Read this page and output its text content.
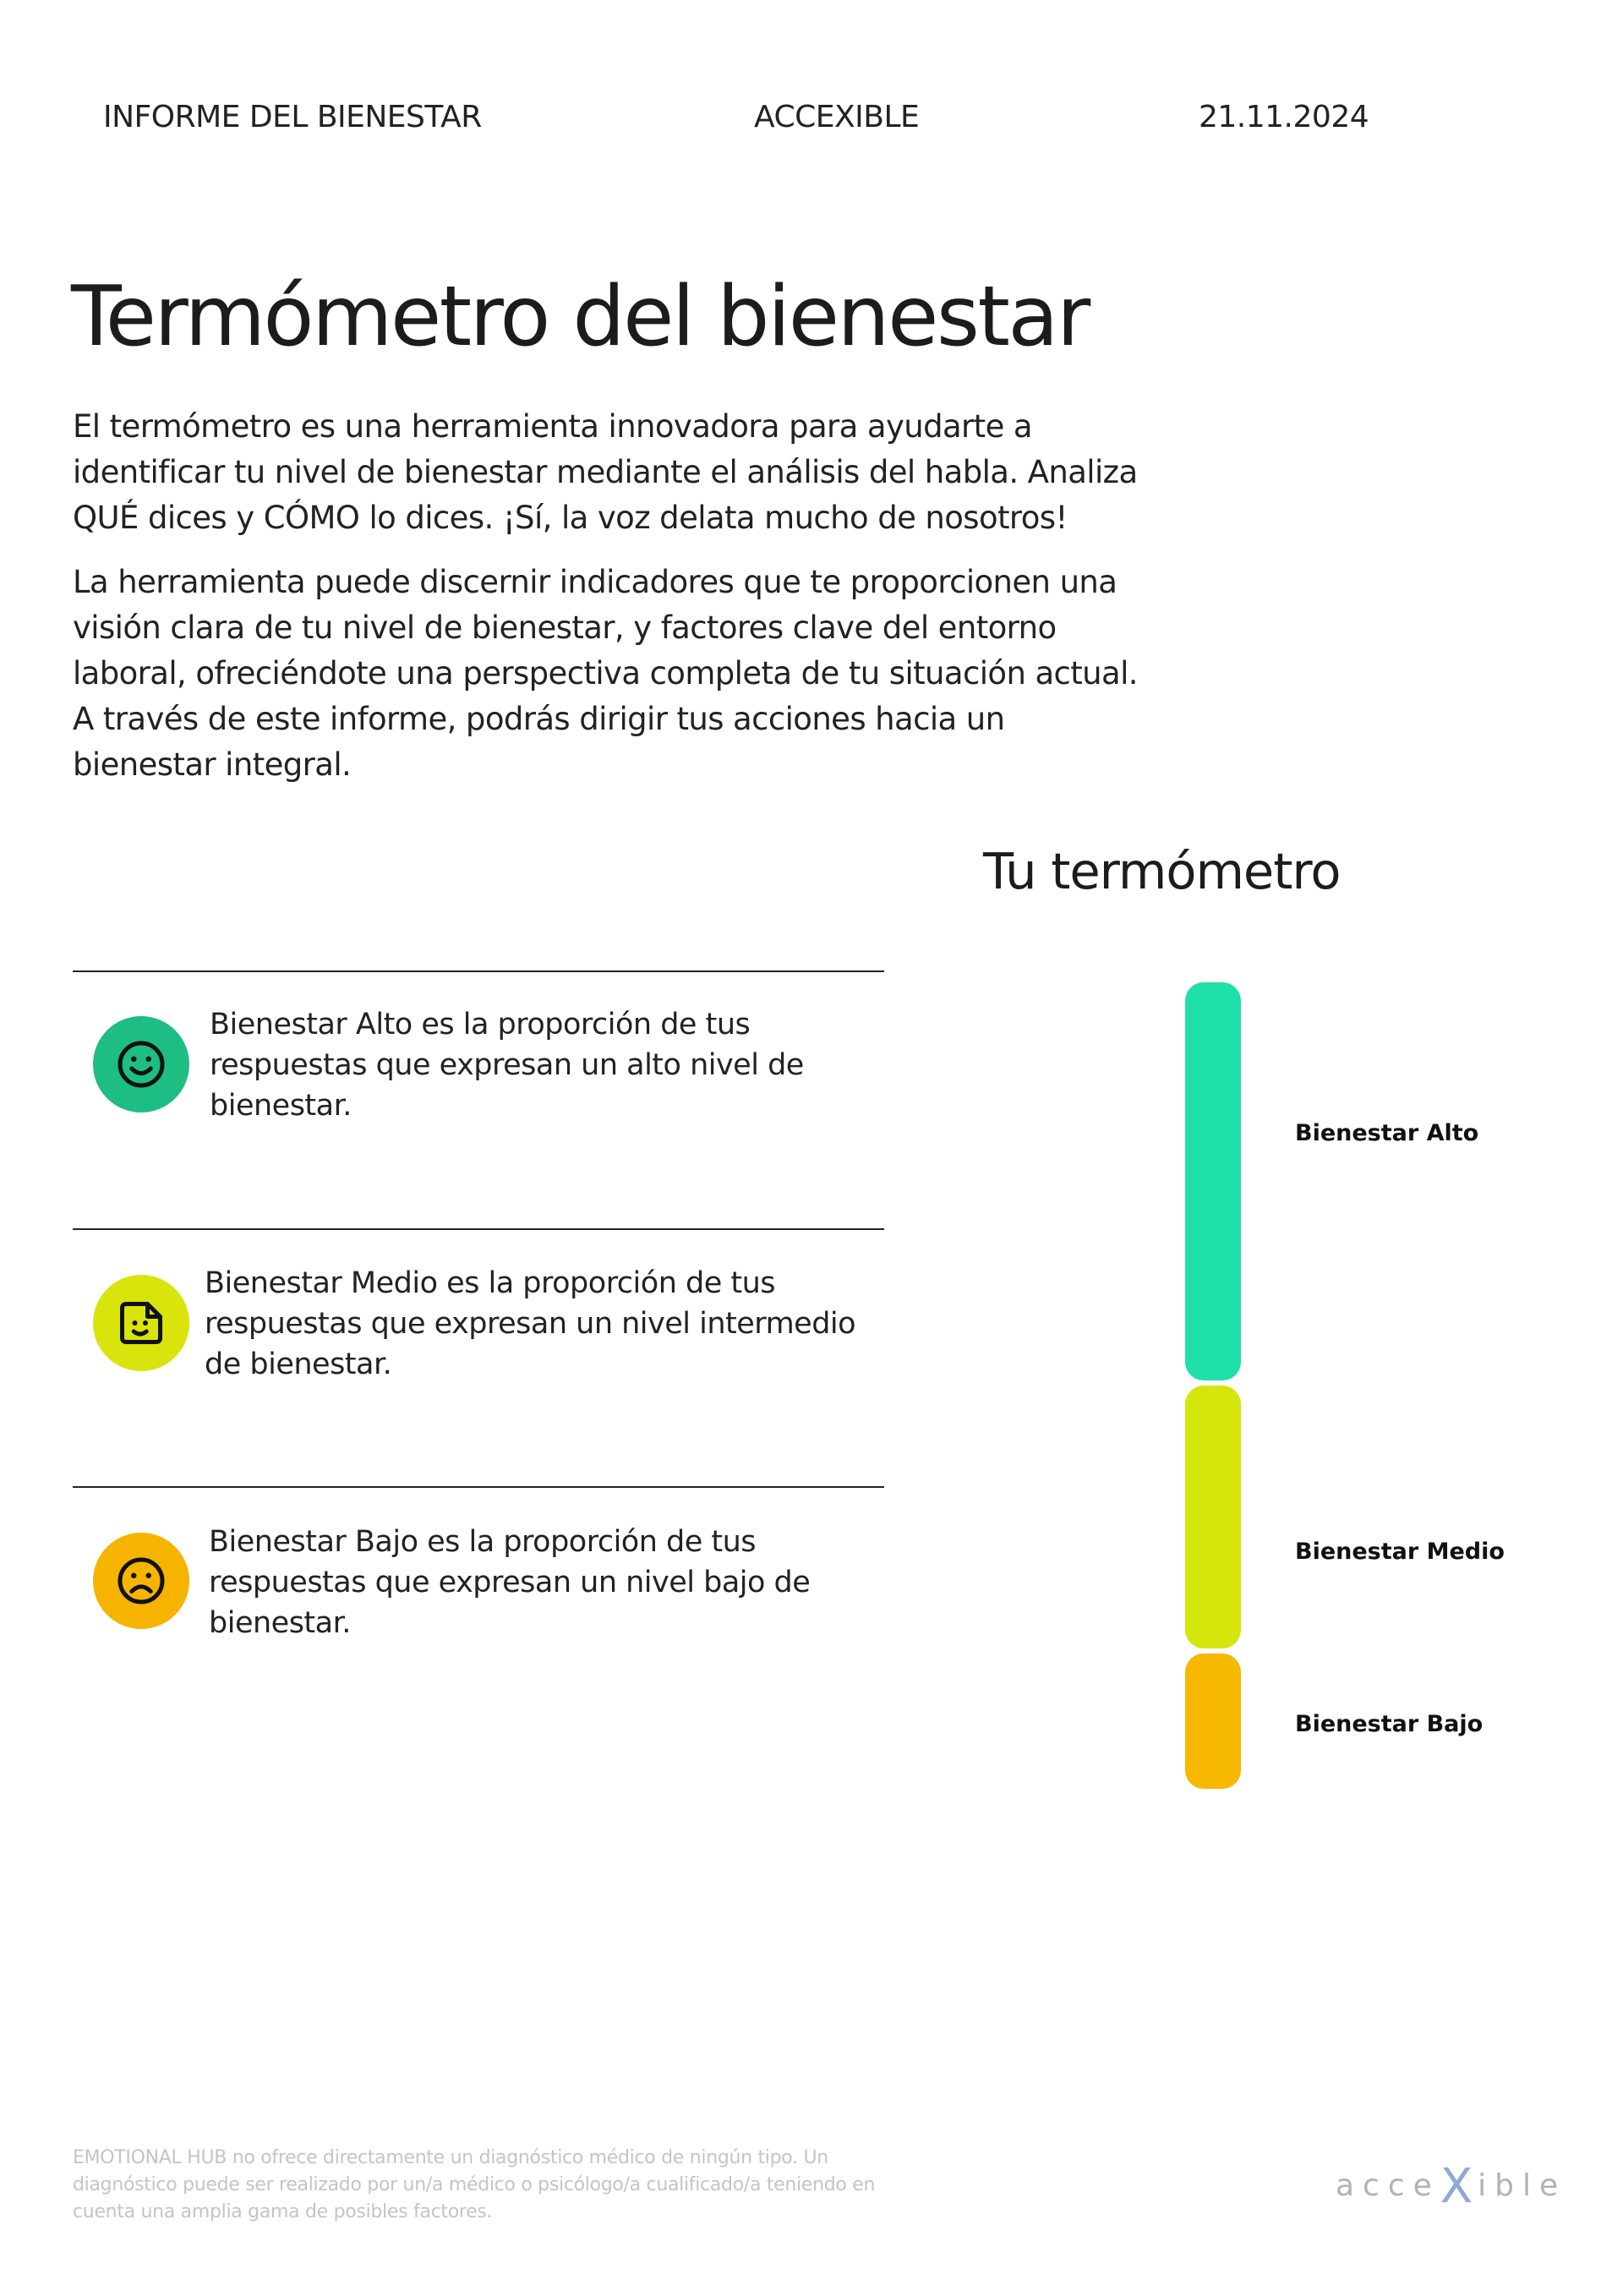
INFORME DEL BIENESTAR	ACCEXIBLE	21.11.2024
Termómetro del bienestar

El termómetro es una herramienta innovadora para ayudarte a identificar tu nivel de bienestar mediante el análisis del habla. Analiza QUÉ dices y CÓMO lo dices. ¡Sí, la voz delata mucho de nosotros!

La herramienta puede discernir indicadores que te proporcionen una visión clara de tu nivel de bienestar, y factores clave del entorno laboral, ofreciéndote una perspectiva completa de tu situación actual. A través de este informe, podrás dirigir tus acciones hacia un bienestar integral.

Tu termómetro

Bienestar Alto es la proporción de tus respuestas que expresan un alto nivel de bienestar.

Bienestar Medio es la proporción de tus respuestas que expresan un nivel intermedio de bienestar.

Bienestar Bajo es la proporción de tus respuestas que expresan un nivel bajo de bienestar.

Bienestar Alto
Bienestar Medio
Bienestar Bajo

EMOTIONAL HUB no ofrece directamente un diagnóstico médico de ningún tipo. Un diagnóstico puede ser realizado por un/a médico o psicólogo/a cualificado/a teniendo en cuenta una amplia gama de posibles factores.

acceXible
